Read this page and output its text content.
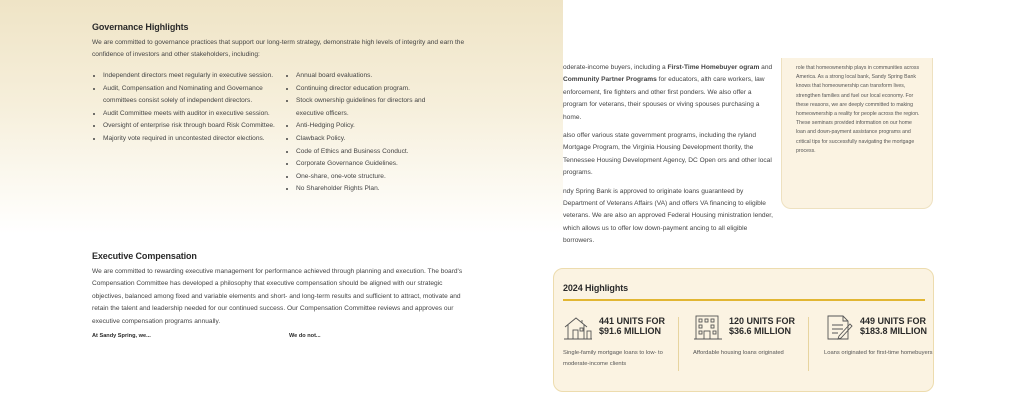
Governance Highlights

We are committed to governance practices that support our long-term strategy, demonstrate high levels of integrity and earn the confidence of investors and other stakeholders, including:

• Independent directors meet regularly in executive session.
• Audit, Compensation and Nominating and Governance committees consist solely of independent directors.
• Audit Committee meets with auditor in executive session.
• Oversight of enterprise risk through board Risk Committee.
• Majority vote required in uncontested director elections.
• Annual board evaluations.
• Continuing director education program.
• Stock ownership guidelines for directors and executive officers.
• Anti-Hedging Policy.
• Clawback Policy.
• Code of Ethics and Business Conduct.
• Corporate Governance Guidelines.
• One-share, one-vote structure.
• No Shareholder Rights Plan.
Executive Compensation

We are committed to rewarding executive management for performance achieved through planning and execution. The board's Compensation Committee has developed a philosophy that executive compensation should be aligned with our strategic objectives, balanced among fixed and variable elements and short- and long-term results and sufficient to attract, motivate and retain the talent and leadership needed for our continued success. Our Compensation Committee reviews and approves our executive compensation programs annually.

At Sandy Spring, we...	We do not...

oderate-income buyers, including a First-Time Homebuyer ogram and Community Partner Programs for educators, alth care workers, law enforcement, fire fighters and other first ponders. We also offer a program for veterans, their spouses or viving spouses purchasing a home.

also offer various state government programs, including the ryland Mortgage Program, the Virginia Housing Development thority, the Tennessee Housing Development Agency, DC Open ors and other local programs.

ndy Spring Bank is approved to originate loans guaranteed by Department of Veterans Affairs (VA) and offers VA financing to eligible veterans. We are also an approved Federal Housing ministration lender, which allows us to offer low down-payment ancing to all eligible borrowers.

role that homeownership plays in communities across America. As a strong local bank, Sandy Spring Bank knows that homeownership can transform lives, strengthen families and fuel our local economy. For these reasons, we are deeply committed to making homeownership a reality for people across the region. These seminars provided information on our home loan and down-payment assistance programs and critical tips for successfully navigating the mortgage process.

2024 Highlights
441 UNITS FOR
$91.6 MILLION
Single-family mortgage loans to low- to moderate-income clients
120 UNITS FOR
$36.6 MILLION
Affordable housing loans originated
449 UNITS FOR
$183.8 MILLION
Loans originated for first-time homebuyers
